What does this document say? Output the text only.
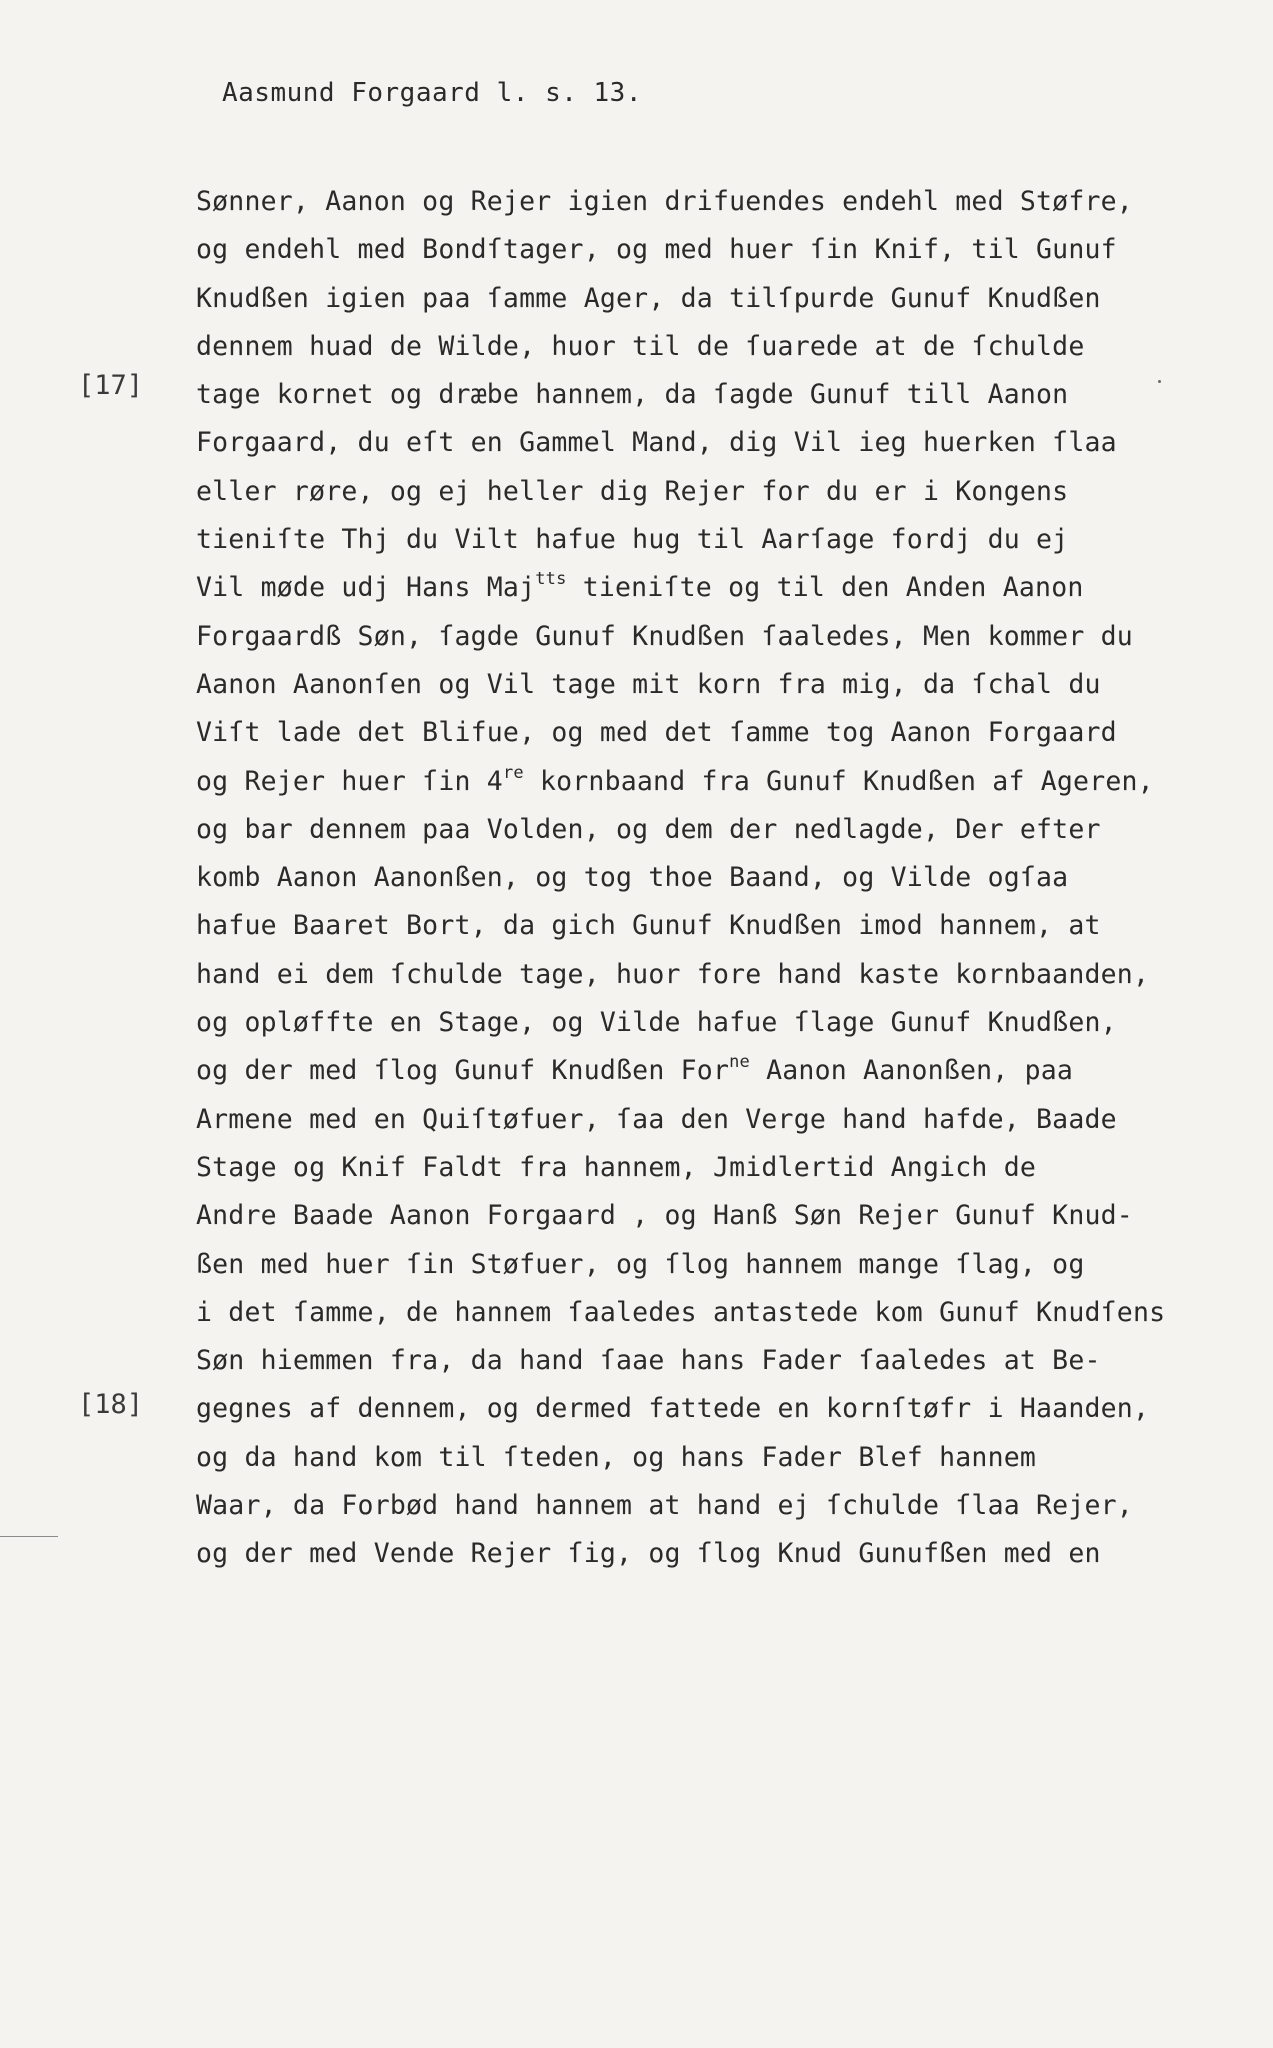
Aasmund Forgaard l. s. 13.
[17]
[18]
Sønner, Aanon og Rejer igien drifuendes endehl med Støfre,
og endehl med Bondſtager, og med huer ſin Knif, til Gunuf
Knudßen igien paa ſamme Ager, da tilſpurde Gunuf Knudßen
dennem huad de Wilde, huor til de ſuarede at de ſchulde
tage kornet og dræbe hannem, da ſagde Gunuf till Aanon
Forgaard, du eſt en Gammel Mand, dig Vil ieg huerken ſlaa
eller røre, og ej heller dig Rejer for du er i Kongens
tieniſte Thj du Vilt hafue hug til Aarſage fordj du ej
Vil møde udj Hans Maj$^{tts}$ tieniſte og til den Anden Aanon
Forgaardß Søn, ſagde Gunuf Knudßen ſaaledes, Men kommer du
Aanon Aanonſen og Vil tage mit korn fra mig, da ſchal du
Viſt lade det Blifue, og med det ſamme tog Aanon Forgaard
og Rejer huer ſin 4re kornbaand fra Gunuf Knudßen af Ageren,
og bar dennem paa Volden, og dem der nedlagde, Der efter
komb Aanon Aanonßen, og tog thoe Baand, og Vilde ogſaa
hafue Baaret Bort, da gich Gunuf Knudßen imod hannem, at
hand ei dem ſchulde tage, huor fore hand kaste kornbaanden,
og opløffte en Stage, og Vilde hafue ſlage Gunuf Knudßen,
og der med ſlog Gunuf Knudßen For$^{ne}$ Aanon Aanonßen, paa
Armene med en Quiſtøfuer, ſaa den Verge hand hafde, Baade
Stage og Knif Faldt fra hannem, Jmidlertid Angich de
Andre Baade Aanon Forgaard , og Hanß Søn Rejer Gunuf Knud-
ßen med huer ſin Støfuer, og ſlog hannem mange ſlag, og
i det ſamme, de hannem ſaaledes antastede kom Gunuf Knudſens
Søn hiemmen fra, da hand ſaae hans Fader ſaaledes at Be-
gegnes af dennem, og dermed fattede en kornſtøfr i Haanden,
og da hand kom til ſteden, og hans Fader Blef hannem
Waar, da Forbød hand hannem at hand ej ſchulde ſlaa Rejer,
og der med Vende Rejer ſig, og ſlog Knud Gunufßen med en
